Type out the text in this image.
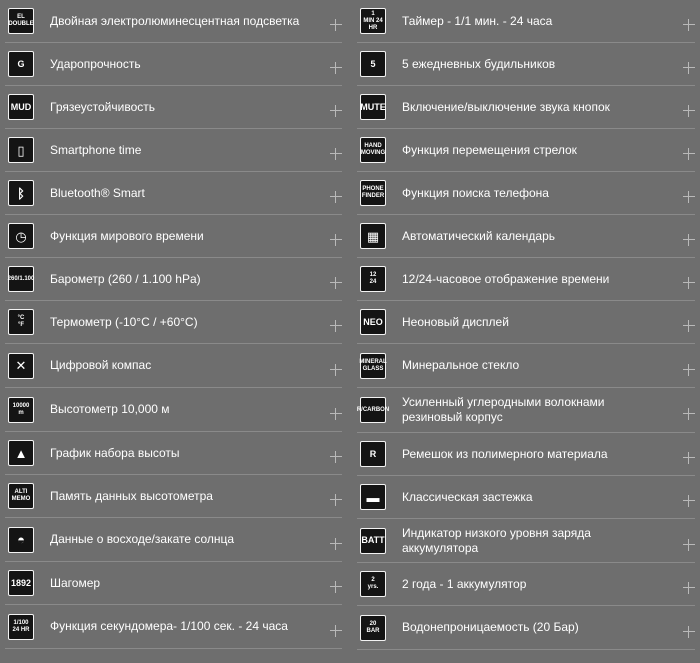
EL
DOUBLE Двойная электролюминесцентная подсветка
G Ударопрочность
MUD Грязеустойчивость
▯ Smartphone time
ᛒ Bluetooth® Smart
◷ Функция мирового времени
260/1.100 Барометр (260 / 1.100 hPa)
°C
°F Термометр (-10°C / +60°C)
✕ Цифровой компас
10000
m	Высотометр 10,000 м
▲ График набора высоты
ALTI
MEMO Память данных высотометра
◓ Данные о восходе/закате солнца
1892 Шагомер
1/100
24 HR Функция секундомера- 1/100 сек. - 24 часа
1
MIN 24 HR	Таймер - 1/1 мин. - 24 часа
5 5 ежедневных будильников
MUTE Включение/выключение звука кнопок
HAND
MOVING Функция перемещения стрелок
PHONE
FINDER Функция поиска телефона
▦ Автоматический календарь
12
24 12/24-часовое отображение времени
NEO Неоновый дисплей
MINERAL
GLASS Минеральное стекло
R/CARBON
Усиленный углеродными волокнами резиновый корпус
R Ремешок из полимерного материала
▬ Классическая застежка
BATT
Индикатор низкого уровня заряда аккумулятора
2
yrs. 2 года - 1 аккумулятор
20
BAR Водонепроницаемость (20 Бар)
